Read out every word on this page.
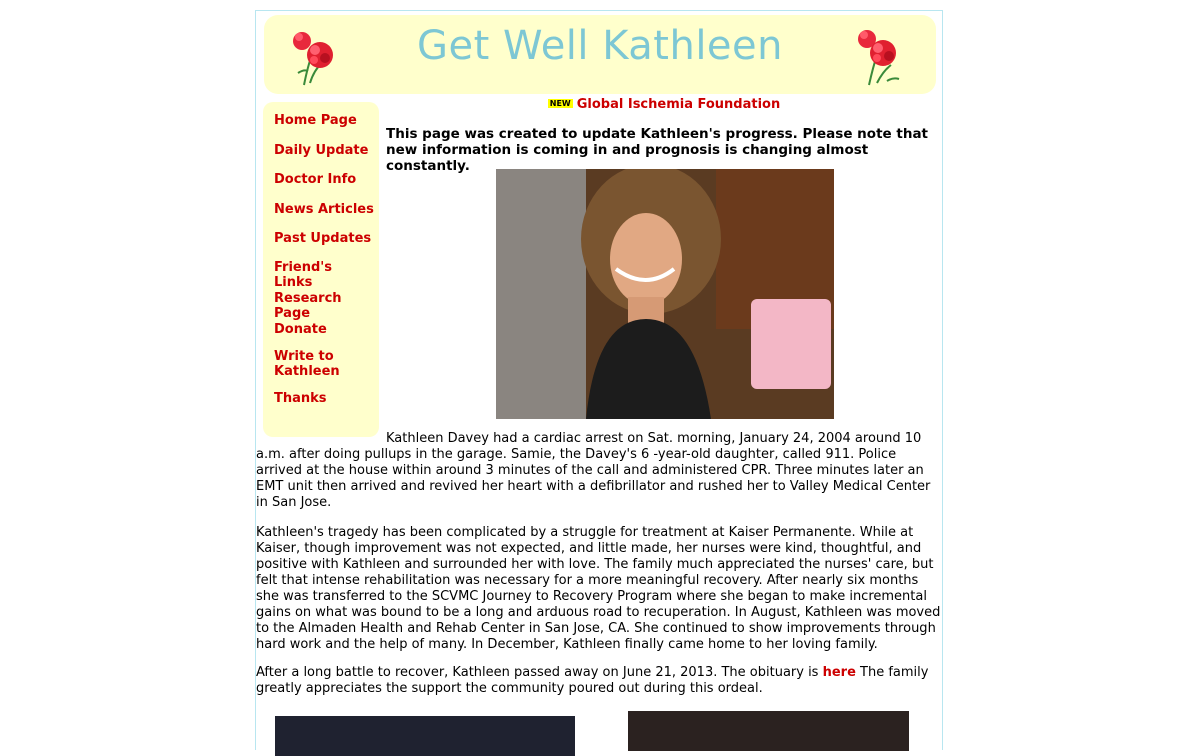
Get Well Kathleen
Home Page
Daily Update
Doctor Info
News Articles
Past Updates
Friend's Links
Research Page
Donate
Write to Kathleen
Thanks
NEW Global Ischemia Foundation
This page was created to update Kathleen's progress. Please note that new information is coming in and prognosis is changing almost constantly.
Kathleen Davey had a cardiac arrest on Sat. morning, January 24, 2004 around 10 a.m. after doing pullups in the garage. Samie, the Davey's 6 -year-old daughter, called 911. Police arrived at the house within around 3 minutes of the call and administered CPR. Three minutes later an EMT unit then arrived and revived her heart with a defibrillator and rushed her to Valley Medical Center in San Jose.
Kathleen's tragedy has been complicated by a struggle for treatment at Kaiser Permanente. While at Kaiser, though improvement was not expected, and little made, her nurses were kind, thoughtful, and positive with Kathleen and surrounded her with love. The family much appreciated the nurses' care, but felt that intense rehabilitation was necessary for a more meaningful recovery. After nearly six months she was transferred to the SCVMC Journey to Recovery Program where she began to make incremental gains on what was bound to be a long and arduous road to recuperation. In August, Kathleen was moved to the Almaden Health and Rehab Center in San Jose, CA. She continued to show improvements through hard work and the help of many. In December, Kathleen finally came home to her loving family.
After a long battle to recover, Kathleen passed away on June 21, 2013. The obituary is here The family greatly appreciates the support the community poured out during this ordeal.
